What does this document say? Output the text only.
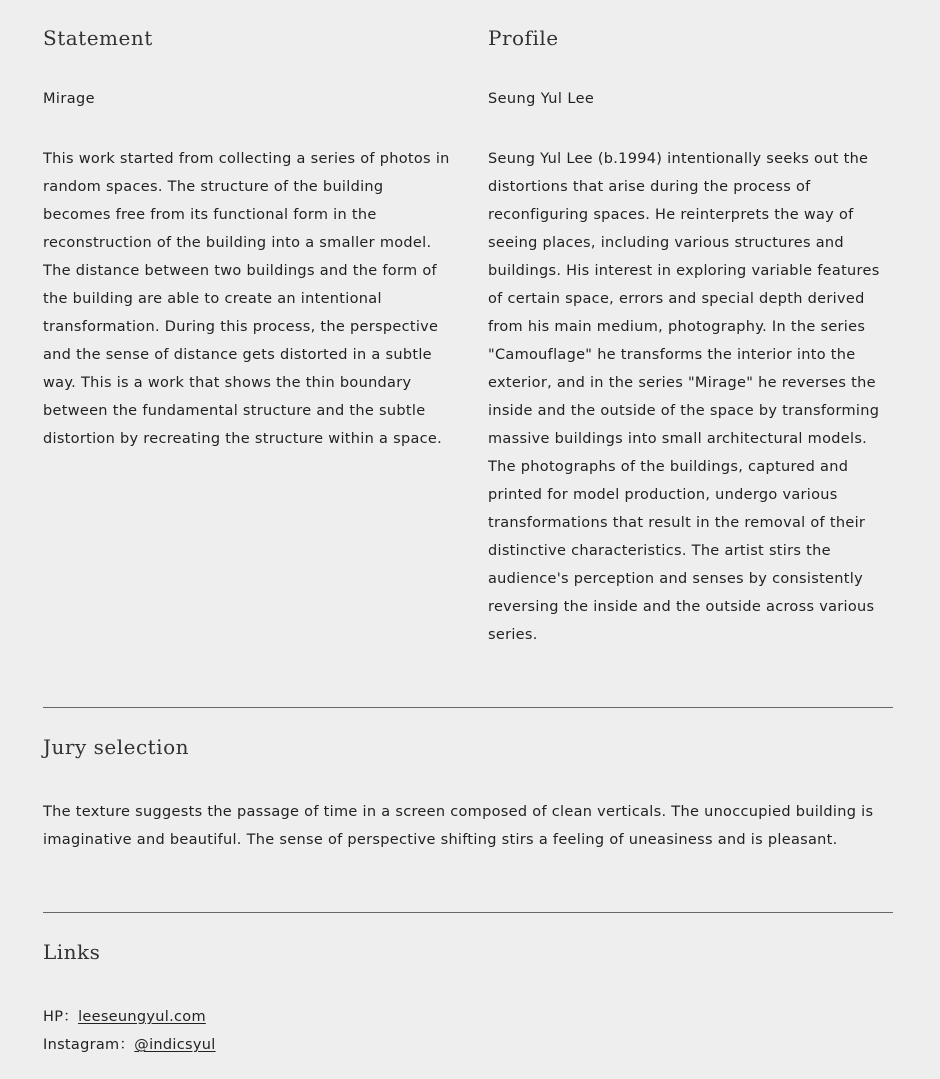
Statement
Mirage

This work started from collecting a series of photos in random spaces. The structure of the building becomes free from its functional form in the reconstruction of the building into a smaller model. The distance between two buildings and the form of the building are able to create an intentional transformation. During this process, the perspective and the sense of distance gets distorted in a subtle way. This is a work that shows the thin boundary between the fundamental structure and the subtle distortion by recreating the structure within a space.

Profile
Seung Yul Lee

Seung Yul Lee (b.1994) intentionally seeks out the distortions that arise during the process of reconfiguring spaces. He reinterprets the way of seeing places, including various structures and buildings. His interest in exploring variable features of certain space, errors and special depth derived from his main medium, photography. In the series "Camouflage" he transforms the interior into the exterior, and in the series "Mirage" he reverses the inside and the outside of the space by transforming massive buildings into small architectural models. The photographs of the buildings, captured and printed for model production, undergo various transformations that result in the removal of their distinctive characteristics. The artist stirs the audience's perception and senses by consistently reversing the inside and the outside across various series.

Jury selection

The texture suggests the passage of time in a screen composed of clean verticals. The unoccupied building is imaginative and beautiful. The sense of perspective shifting stirs a feeling of uneasiness and is pleasant.

Links
HP：leeseungyul.com
Instagram：@indicsyul
